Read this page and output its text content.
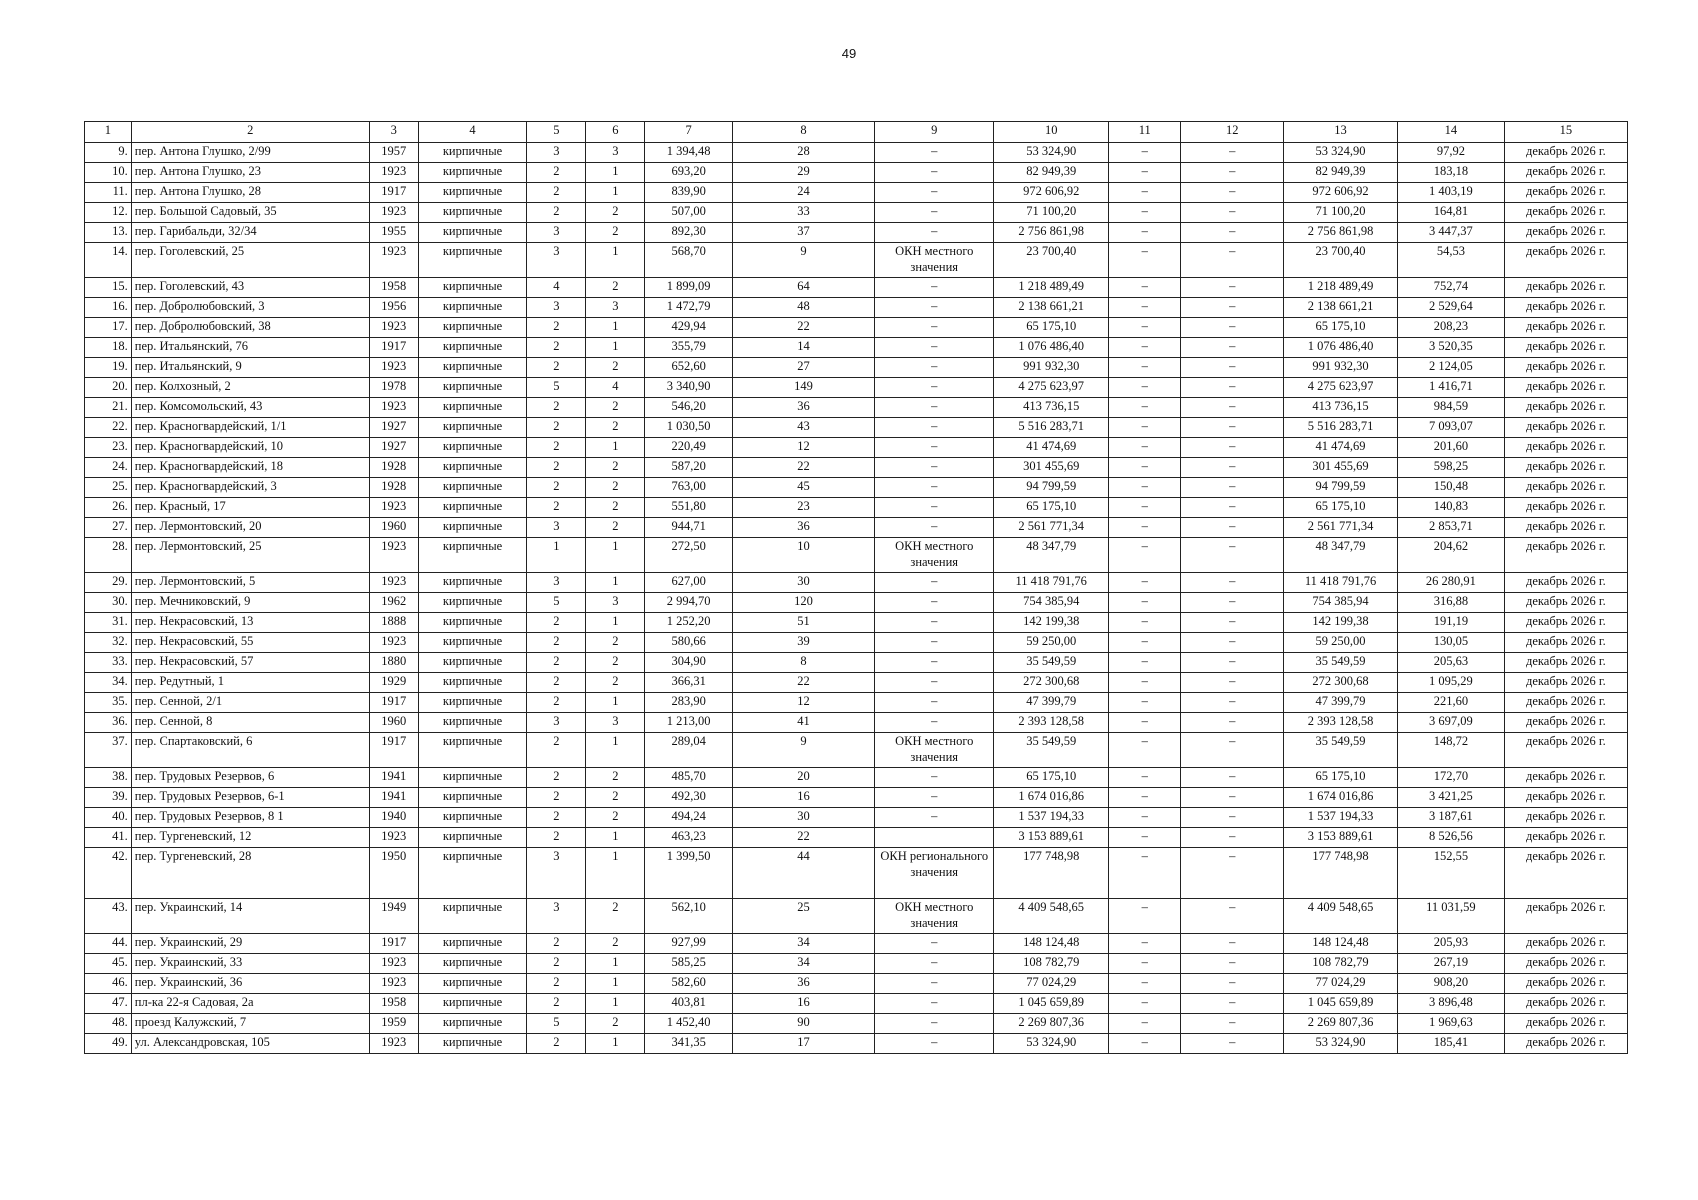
49
1	2	3	4	5	6	7	8	9	10	11	12	13	14	15
9.	пер. Антона Глушко, 2/99	1957	кирпичные	3	3	1 394,48	28	–	53 324,90	–	–	53 324,90	97,92	декабрь 2026 г.
10.	пер. Антона Глушко, 23	1923	кирпичные	2	1	693,20	29	–	82 949,39	–	–	82 949,39	183,18	декабрь 2026 г.
11.	пер. Антона Глушко, 28	1917	кирпичные	2	1	839,90	24	–	972 606,92	–	–	972 606,92	1 403,19	декабрь 2026 г.
12.	пер. Большой Садовый, 35	1923	кирпичные	2	2	507,00	33	–	71 100,20	–	–	71 100,20	164,81	декабрь 2026 г.
13.	пер. Гарибальди, 32/34	1955	кирпичные	3	2	892,30	37	–	2 756 861,98	–	–	2 756 861,98	3 447,37	декабрь 2026 г.
14.	пер. Гоголевский, 25	1923	кирпичные	3	1	568,70	9	ОКН местного значения	23 700,40	–	–	23 700,40	54,53	декабрь 2026 г.
15.	пер. Гоголевский, 43	1958	кирпичные	4	2	1 899,09	64	–	1 218 489,49	–	–	1 218 489,49	752,74	декабрь 2026 г.
16.	пер. Добролюбовский, 3	1956	кирпичные	3	3	1 472,79	48	–	2 138 661,21	–	–	2 138 661,21	2 529,64	декабрь 2026 г.
17.	пер. Добролюбовский, 38	1923	кирпичные	2	1	429,94	22	–	65 175,10	–	–	65 175,10	208,23	декабрь 2026 г.
18.	пер. Итальянский, 76	1917	кирпичные	2	1	355,79	14	–	1 076 486,40	–	–	1 076 486,40	3 520,35	декабрь 2026 г.
19.	пер. Итальянский, 9	1923	кирпичные	2	2	652,60	27	–	991 932,30	–	–	991 932,30	2 124,05	декабрь 2026 г.
20.	пер. Колхозный, 2	1978	кирпичные	5	4	3 340,90	149	–	4 275 623,97	–	–	4 275 623,97	1 416,71	декабрь 2026 г.
21.	пер. Комсомольский, 43	1923	кирпичные	2	2	546,20	36	–	413 736,15	–	–	413 736,15	984,59	декабрь 2026 г.
22.	пер. Красногвардейский, 1/1	1927	кирпичные	2	2	1 030,50	43	–	5 516 283,71	–	–	5 516 283,71	7 093,07	декабрь 2026 г.
23.	пер. Красногвардейский, 10	1927	кирпичные	2	1	220,49	12	–	41 474,69	–	–	41 474,69	201,60	декабрь 2026 г.
24.	пер. Красногвардейский, 18	1928	кирпичные	2	2	587,20	22	–	301 455,69	–	–	301 455,69	598,25	декабрь 2026 г.
25.	пер. Красногвардейский, 3	1928	кирпичные	2	2	763,00	45	–	94 799,59	–	–	94 799,59	150,48	декабрь 2026 г.
26.	пер. Красный, 17	1923	кирпичные	2	2	551,80	23	–	65 175,10	–	–	65 175,10	140,83	декабрь 2026 г.
27.	пер. Лермонтовский, 20	1960	кирпичные	3	2	944,71	36	–	2 561 771,34	–	–	2 561 771,34	2 853,71	декабрь 2026 г.
28.	пер. Лермонтовский, 25	1923	кирпичные	1	1	272,50	10	ОКН местного значения	48 347,79	–	–	48 347,79	204,62	декабрь 2026 г.
29.	пер. Лермонтовский, 5	1923	кирпичные	3	1	627,00	30	–	11 418 791,76	–	–	11 418 791,76	26 280,91	декабрь 2026 г.
30.	пер. Мечниковский, 9	1962	кирпичные	5	3	2 994,70	120	–	754 385,94	–	–	754 385,94	316,88	декабрь 2026 г.
31.	пер. Некрасовский, 13	1888	кирпичные	2	1	1 252,20	51	–	142 199,38	–	–	142 199,38	191,19	декабрь 2026 г.
32.	пер. Некрасовский, 55	1923	кирпичные	2	2	580,66	39	–	59 250,00	–	–	59 250,00	130,05	декабрь 2026 г.
33.	пер. Некрасовский, 57	1880	кирпичные	2	2	304,90	8	–	35 549,59	–	–	35 549,59	205,63	декабрь 2026 г.
34.	пер. Редутный, 1	1929	кирпичные	2	2	366,31	22	–	272 300,68	–	–	272 300,68	1 095,29	декабрь 2026 г.
35.	пер. Сенной, 2/1	1917	кирпичные	2	1	283,90	12	–	47 399,79	–	–	47 399,79	221,60	декабрь 2026 г.
36.	пер. Сенной, 8	1960	кирпичные	3	3	1 213,00	41	–	2 393 128,58	–	–	2 393 128,58	3 697,09	декабрь 2026 г.
37.	пер. Спартаковский, 6	1917	кирпичные	2	1	289,04	9	ОКН местного значения	35 549,59	–	–	35 549,59	148,72	декабрь 2026 г.
38.	пер. Трудовых Резервов, 6	1941	кирпичные	2	2	485,70	20	–	65 175,10	–	–	65 175,10	172,70	декабрь 2026 г.
39.	пер. Трудовых Резервов, 6-1	1941	кирпичные	2	2	492,30	16	–	1 674 016,86	–	–	1 674 016,86	3 421,25	декабрь 2026 г.
40.	пер. Трудовых Резервов, 8 1	1940	кирпичные	2	2	494,24	30	–	1 537 194,33	–	–	1 537 194,33	3 187,61	декабрь 2026 г.
41.	пер. Тургеневский, 12	1923	кирпичные	2	1	463,23	22		3 153 889,61	–	–	3 153 889,61	8 526,56	декабрь 2026 г.
42.	пер. Тургеневский, 28	1950	кирпичные	3	1	1 399,50	44	ОКН регионального значения	177 748,98	–	–	177 748,98	152,55	декабрь 2026 г.
43.	пер. Украинский, 14	1949	кирпичные	3	2	562,10	25	ОКН местного значения	4 409 548,65	–	–	4 409 548,65	11 031,59	декабрь 2026 г.
44.	пер. Украинский, 29	1917	кирпичные	2	2	927,99	34	–	148 124,48	–	–	148 124,48	205,93	декабрь 2026 г.
45.	пер. Украинский, 33	1923	кирпичные	2	1	585,25	34	–	108 782,79	–	–	108 782,79	267,19	декабрь 2026 г.
46.	пер. Украинский, 36	1923	кирпичные	2	1	582,60	36	–	77 024,29	–	–	77 024,29	908,20	декабрь 2026 г.
47.	пл-ка 22-я Садовая, 2а	1958	кирпичные	2	1	403,81	16	–	1 045 659,89	–	–	1 045 659,89	3 896,48	декабрь 2026 г.
48.	проезд Калужский, 7	1959	кирпичные	5	2	1 452,40	90	–	2 269 807,36	–	–	2 269 807,36	1 969,63	декабрь 2026 г.
49.	ул. Александровская, 105	1923	кирпичные	2	1	341,35	17	–	53 324,90	–	–	53 324,90	185,41	декабрь 2026 г.
